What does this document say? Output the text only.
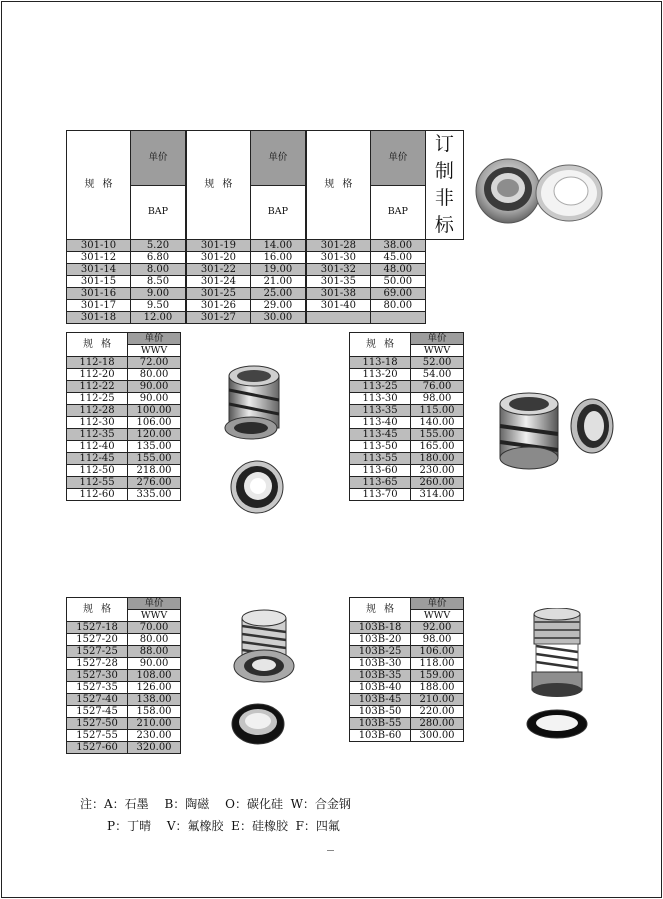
规格	单价	规格	单价	规格	单价	订
制
非
标

	BAP		BAP		BAP	
301-10	5.20	301-19	14.00	301-28	38.00	
301-12	6.80	301-20	16.00	301-30	45.00	
301-14	8.00	301-22	19.00	301-32	48.00	
301-15	8.50	301-24	21.00	301-35	50.00	
301-16	9.00	301-25	25.00	301-38	69.00	
301-17	9.50	301-26	29.00	301-40	80.00	
301-18	12.00	301-27	30.00			
规格	单价
	WWV
112-18	72.00
112-20	80.00
112-22	90.00
112-25	90.00
112-28	100.00
112-30	106.00
112-35	120.00
112-40	135.00
112-45	155.00
112-50	218.00
112-55	276.00
112-60	335.00
规格	单价
	WWV
113-18	52.00
113-20	54.00
113-25	76.00
113-30	98.00
113-35	115.00
113-40	140.00
113-45	155.00
113-50	165.00
113-55	180.00
113-60	230.00
113-65	260.00
113-70	314.00
规格	单价
	WWV
1527-18	70.00
1527-20	80.00
1527-25	88.00
1527-28	90.00
1527-30	108.00
1527-35	126.00
1527-40	138.00
1527-45	158.00
1527-50	210.00
1527-55	230.00
1527-60	320.00
规格	单价
	WWV
103B-18	92.00
103B-20	98.00
103B-25	106.00
103B-30	118.00
103B-35	159.00
103B-40	188.00
103B-45	210.00
103B-50	220.00
103B-55	280.00
103B-60	300.00
注：A：石墨　 B：陶磁　 O：碳化硅  W：合金钢
P：丁晴　 V：氟橡胶  E：硅橡胶  F：四氟
